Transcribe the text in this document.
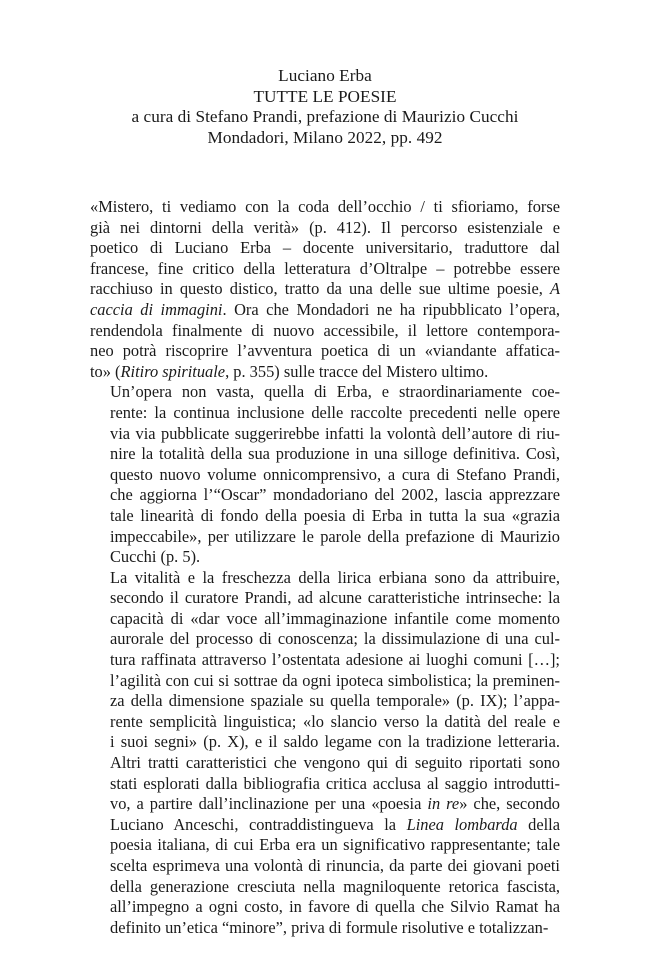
Luciano Erba
TUTTE LE POESIE
a cura di Stefano Prandi, prefazione di Maurizio Cucchi
Mondadori, Milano 2022, pp. 492

«Mistero, ti vediamo con la coda dell’occhio / ti sfioriamo, forse
già nei dintorni della verità» (p. 412). Il percorso esistenziale e
poetico di Luciano Erba – docente universitario, traduttore dal
francese, fine critico della letteratura d’Oltralpe – potrebbe essere
racchiuso in questo distico, tratto da una delle sue ultime poesie, A
caccia di immagini. Ora che Mondadori ne ha ripubblicato l’opera,
rendendola finalmente di nuovo accessibile, il lettore contempora-
neo potrà riscoprire l’avventura poetica di un «viandante affatica-
to» (Ritiro spirituale, p. 355) sulle tracce del Mistero ultimo.

Un’opera non vasta, quella di Erba, e straordinariamente coe-
rente: la continua inclusione delle raccolte precedenti nelle opere
via via pubblicate suggerirebbe infatti la volontà dell’autore di riu-
nire la totalità della sua produzione in una silloge definitiva. Così,
questo nuovo volume onnicomprensivo, a cura di Stefano Prandi,
che aggiorna l’“Oscar” mondadoriano del 2002, lascia apprezzare
tale linearità di fondo della poesia di Erba in tutta la sua «grazia
impeccabile», per utilizzare le parole della prefazione di Maurizio
Cucchi (p. 5).

La vitalità e la freschezza della lirica erbiana sono da attribuire,
secondo il curatore Prandi, ad alcune caratteristiche intrinseche: la
capacità di «dar voce all’immaginazione infantile come momento
aurorale del processo di conoscenza; la dissimulazione di una cul-
tura raffinata attraverso l’ostentata adesione ai luoghi comuni […];
l’agilità con cui si sottrae da ogni ipoteca simbolistica; la preminen-
za della dimensione spaziale su quella temporale» (p. IX); l’appa-
rente semplicità linguistica; «lo slancio verso la datità del reale e
i suoi segni» (p. X), e il saldo legame con la tradizione letteraria.
Altri tratti caratteristici che vengono qui di seguito riportati sono
stati esplorati dalla bibliografia critica acclusa al saggio introdutti-
vo, a partire dall’inclinazione per una «poesia in re» che, secondo
Luciano Anceschi, contraddistingueva la Linea lombarda della
poesia italiana, di cui Erba era un significativo rappresentante; tale
scelta esprimeva una volontà di rinuncia, da parte dei giovani poeti
della generazione cresciuta nella magniloquente retorica fascista,
all’impegno a ogni costo, in favore di quella che Silvio Ramat ha
definito un’etica “minore”, priva di formule risolutive e totalizzan-
